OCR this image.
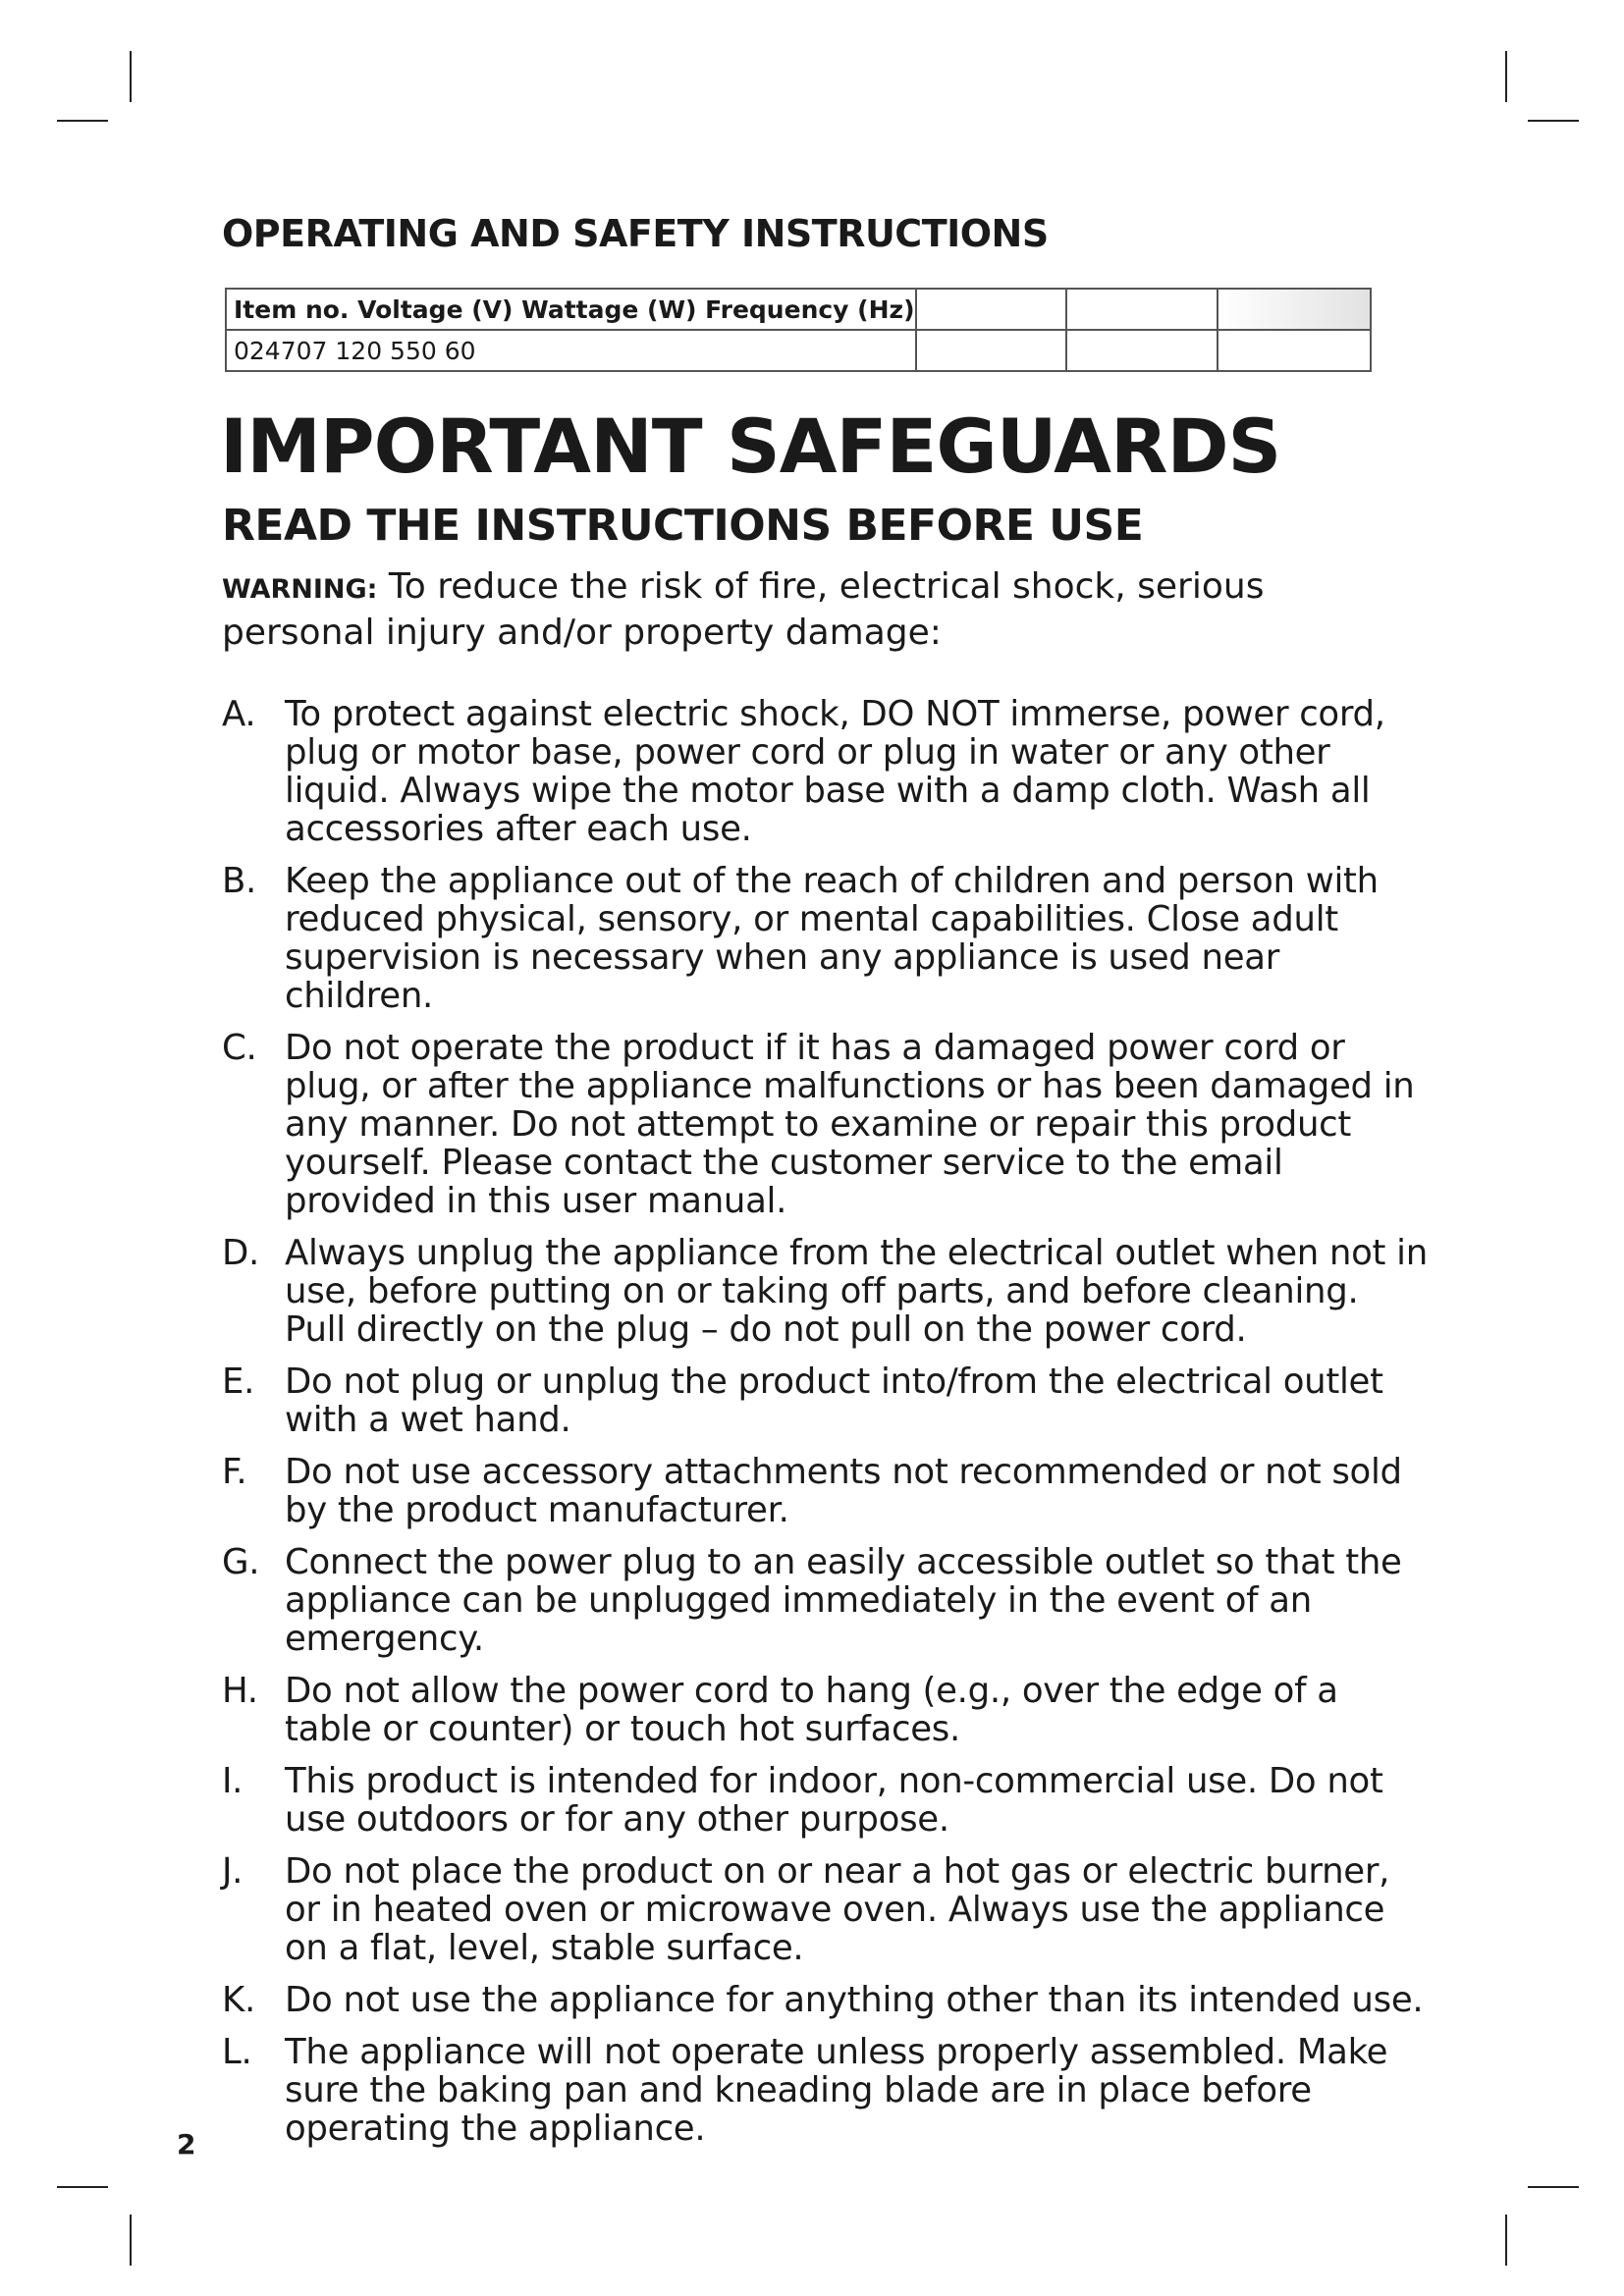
OPERATING AND SAFETY INSTRUCTIONS
Item no. Voltage (V) Wattage (W) Frequency (Hz)			
024707 120 550 60			
IMPORTANT SAFEGUARDS
READ THE INSTRUCTIONS BEFORE USE

WARNING: To reduce the risk of fire, electrical shock, serious personal injury and/or property damage:

A. To protect against electric shock, DO NOT immerse, power cord, plug or motor base, power cord or plug in water or any other liquid. Always wipe the motor base with a damp cloth. Wash all accessories after each use.
B. Keep the appliance out of the reach of children and person with reduced physical, sensory, or mental capabilities. Close adult supervision is necessary when any appliance is used near children.
C. Do not operate the product if it has a damaged power cord or plug, or after the appliance malfunctions or has been damaged in any manner. Do not attempt to examine or repair this product yourself. Please contact the customer service to the email provided in this user manual.
D. Always unplug the appliance from the electrical outlet when not in use, before putting on or taking off parts, and before cleaning. Pull directly on the plug – do not pull on the power cord.
E. Do not plug or unplug the product into/from the electrical outlet with a wet hand.
F. Do not use accessory attachments not recommended or not sold by the product manufacturer.
G. Connect the power plug to an easily accessible outlet so that the appliance can be unplugged immediately in the event of an emergency.
H. Do not allow the power cord to hang (e.g., over the edge of a table or counter) or touch hot surfaces.
I. This product is intended for indoor, non-commercial use. Do not use outdoors or for any other purpose.
J. Do not place the product on or near a hot gas or electric burner, or in heated oven or microwave oven. Always use the appliance on a flat, level, stable surface.
K. Do not use the appliance for anything other than its intended use.
L. The appliance will not operate unless properly assembled. Make sure the baking pan and kneading blade are in place before operating the appliance.
2
